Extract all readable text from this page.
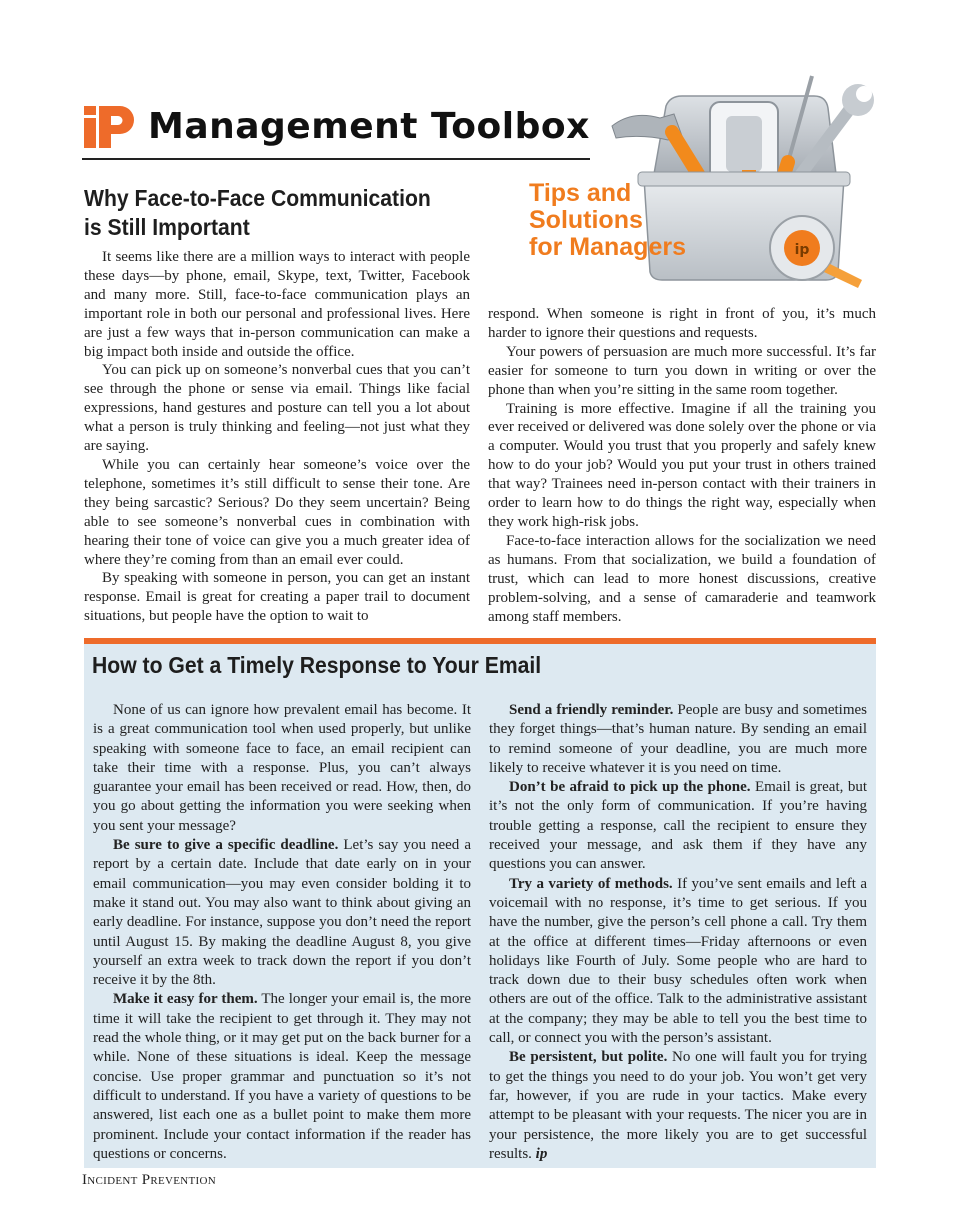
Management Toolbox
ip
Tips and
Solutions
for Managers
Why Face-to-Face Communication is Still Important

It seems like there are a million ways to interact with people these days—by phone, email, Skype, text, Twitter, Facebook and many more. Still, face-to-face communication plays an important role in both our personal and professional lives. Here are just a few ways that in-person communication can make a big impact both inside and outside the office.

You can pick up on someone’s nonverbal cues that you can’t see through the phone or sense via email. Things like facial expressions, hand gestures and posture can tell you a lot about what a person is truly thinking and feeling—not just what they are saying.

While you can certainly hear someone’s voice over the telephone, sometimes it’s still difficult to sense their tone. Are they being sarcastic? Serious? Do they seem uncertain? Being able to see someone’s nonverbal cues in combination with hearing their tone of voice can give you a much greater idea of where they’re coming from than an email ever could.

By speaking with someone in person, you can get an instant response. Email is great for creating a paper trail to document situations, but people have the option to wait to

respond. When someone is right in front of you, it’s much harder to ignore their questions and requests.

Your powers of persuasion are much more successful. It’s far easier for someone to turn you down in writing or over the phone than when you’re sitting in the same room together.

Training is more effective. Imagine if all the training you ever received or delivered was done solely over the phone or via a computer. Would you trust that you properly and safely knew how to do your job? Would you put your trust in others trained that way? Trainees need in-person contact with their trainers in order to learn how to do things the right way, especially when they work high-risk jobs.

Face-to-face interaction allows for the socialization we need as humans. From that socialization, we build a foundation of trust, which can lead to more honest discussions, creative problem-solving, and a sense of camaraderie and teamwork among staff members.

How to Get a Timely Response to Your Email

None of us can ignore how prevalent email has become. It is a great communication tool when used properly, but unlike speaking with someone face to face, an email recipient can take their time with a response. Plus, you can’t always guarantee your email has been received or read. How, then, do you go about getting the information you were seeking when you sent your message?

Be sure to give a specific deadline. Let’s say you need a report by a certain date. Include that date early on in your email communication—you may even consider bolding it to make it stand out. You may also want to think about giving an early deadline. For instance, suppose you don’t need the report until August 15. By making the deadline August 8, you give yourself an extra week to track down the report if you don’t receive it by the 8th.

Make it easy for them. The longer your email is, the more time it will take the recipient to get through it. They may not read the whole thing, or it may get put on the back burner for a while. None of these situations is ideal. Keep the message concise. Use proper grammar and punctuation so it’s not difficult to understand. If you have a variety of questions to be answered, list each one as a bullet point to make them more prominent. Include your contact information if the reader has questions or concerns.

Send a friendly reminder. People are busy and sometimes they forget things—that’s human nature. By sending an email to remind someone of your deadline, you are much more likely to receive whatever it is you need on time.

Don’t be afraid to pick up the phone. Email is great, but it’s not the only form of communication. If you’re having trouble getting a response, call the recipient to ensure they received your message, and ask them if they have any questions you can answer.

Try a variety of methods. If you’ve sent emails and left a voicemail with no response, it’s time to get serious. If you have the number, give the person’s cell phone a call. Try them at the office at different times—Friday afternoons or even holidays like Fourth of July. Some people who are hard to track down due to their busy schedules often work when others are out of the office. Talk to the administrative assistant at the company; they may be able to tell you the best time to call, or connect you with the person’s assistant.

Be persistent, but polite. No one will fault you for trying to get the things you need to do your job. You won’t get very far, however, if you are rude in your tactics. Make every attempt to be pleasant with your requests. The nicer you are in your persistence, the more likely you are to get successful results. ip

Incident Prevention
